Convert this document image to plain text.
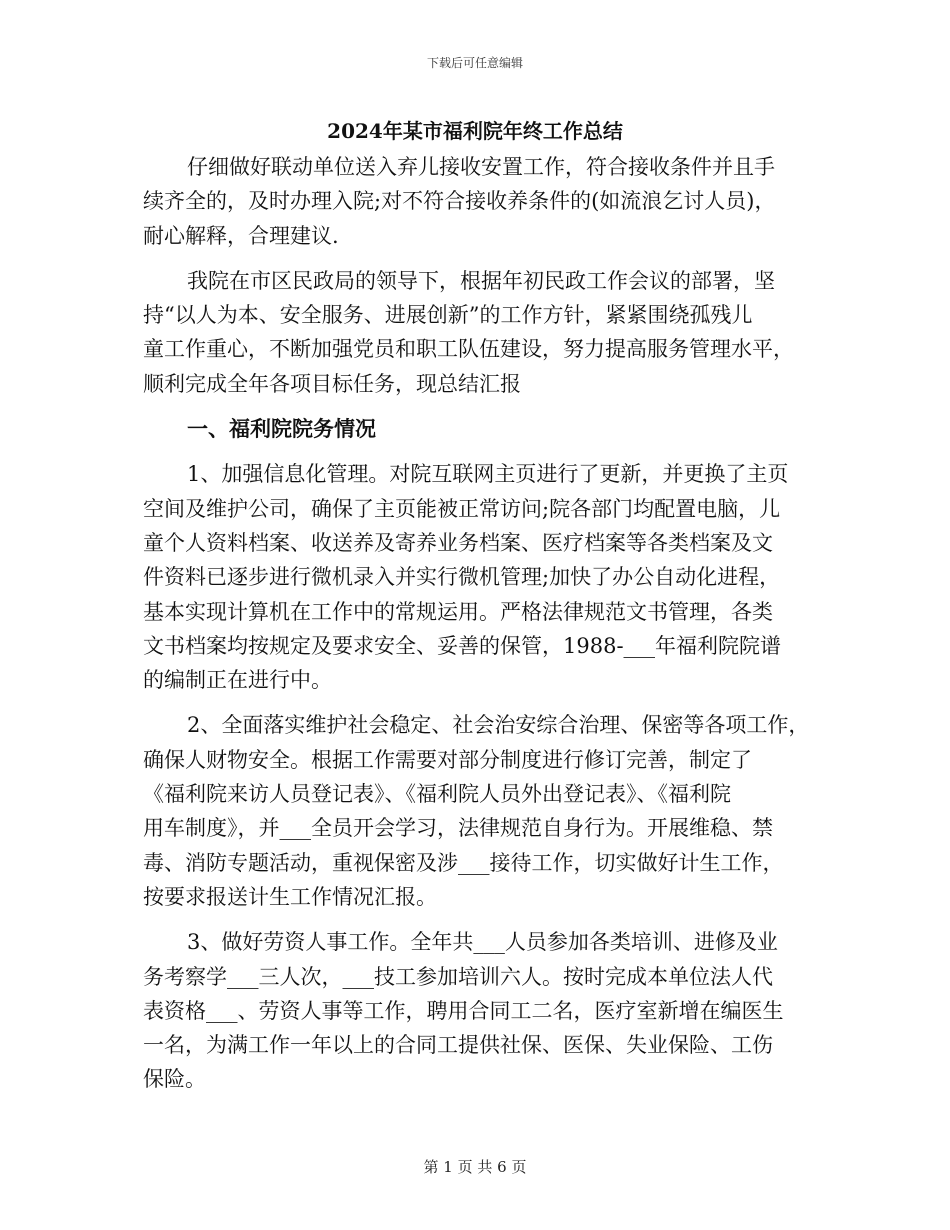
下载后可任意编辑
2024年某市福利院年终工作总结
仔细做好联动单位送入弃儿接收安置工作，符合接收条件并且手
续齐全的，及时办理入院;对不符合接收养条件的(如流浪乞讨人员)，
耐心解释，合理建议.
我院在市区民政局的领导下，根据年初民政工作会议的部署，坚
持“以人为本、安全服务、进展创新”的工作方针，紧紧围绕孤残儿
童工作重心，不断加强党员和职工队伍建设，努力提高服务管理水平，
顺利完成全年各项目标任务，现总结汇报
一、福利院院务情况
1、加强信息化管理。对院互联网主页进行了更新，并更换了主页
空间及维护公司，确保了主页能被正常访问;院各部门均配置电脑，儿
童个人资料档案、收送养及寄养业务档案、医疗档案等各类档案及文
件资料已逐步进行微机录入并实行微机管理;加快了办公自动化进程，
基本实现计算机在工作中的常规运用。严格法律规范文书管理，各类
文书档案均按规定及要求安全、妥善的保管，1988-___年福利院院谱
的编制正在进行中。
2、全面落实维护社会稳定、社会治安综合治理、保密等各项工作，
确保人财物安全。根据工作需要对部分制度进行修订完善，制定了
《福利院来访人员登记表》、《福利院人员外出登记表》、《福利院
用车制度》，并___全员开会学习，法律规范自身行为。开展维稳、禁
毒、消防专题活动，重视保密及涉___接待工作，切实做好计生工作，
按要求报送计生工作情况汇报。
3、做好劳资人事工作。全年共___人员参加各类培训、进修及业
务考察学___三人次，___技工参加培训六人。按时完成本单位法人代
表资格___、劳资人事等工作，聘用合同工二名，医疗室新增在编医生
一名，为满工作一年以上的合同工提供社保、医保、失业保险、工伤
保险。
第 1 页 共 6 页
